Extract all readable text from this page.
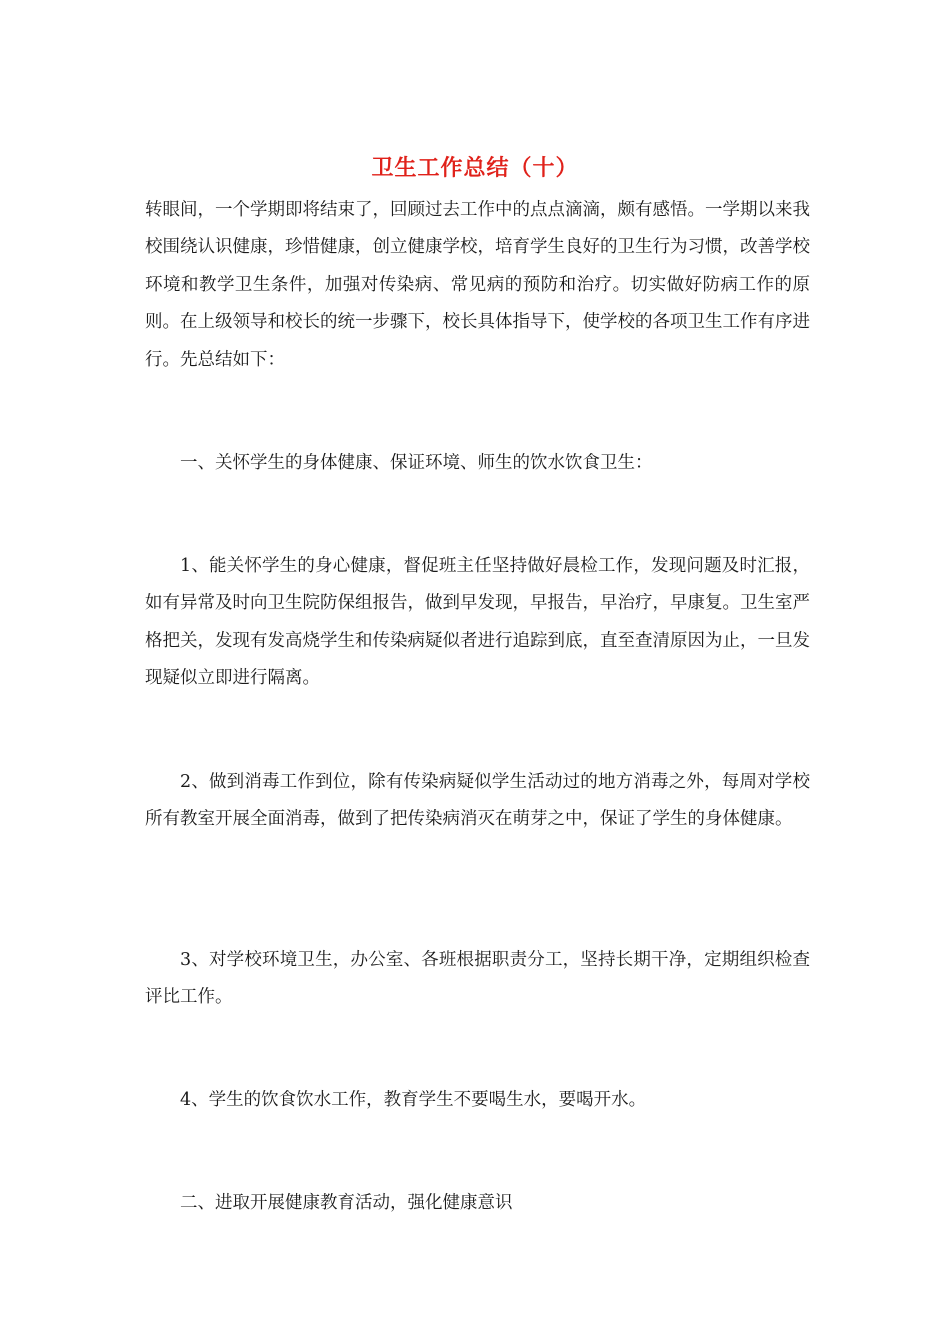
卫生工作总结（十）

转眼间，一个学期即将结束了，回顾过去工作中的点点滴滴，颇有感悟。一学期以来我校围绕认识健康，珍惜健康，创立健康学校，培育学生良好的卫生行为习惯，改善学校环境和教学卫生条件，加强对传染病、常见病的预防和治疗。切实做好防病工作的原则。在上级领导和校长的统一步骤下，校长具体指导下，使学校的各项卫生工作有序进行。先总结如下：

一、关怀学生的身体健康、保证环境、师生的饮水饮食卫生：

1、能关怀学生的身心健康，督促班主任坚持做好晨检工作，发现问题及时汇报，如有异常及时向卫生院防保组报告，做到早发现，早报告，早治疗，早康复。卫生室严格把关，发现有发高烧学生和传染病疑似者进行追踪到底，直至查清原因为止，一旦发现疑似立即进行隔离。

2、做到消毒工作到位，除有传染病疑似学生活动过的地方消毒之外，每周对学校所有教室开展全面消毒，做到了把传染病消灭在萌芽之中，保证了学生的身体健康。

3、对学校环境卫生，办公室、各班根据职责分工，坚持长期干净，定期组织检查评比工作。

4、学生的饮食饮水工作，教育学生不要喝生水，要喝开水。

二、进取开展健康教育活动，强化健康意识
